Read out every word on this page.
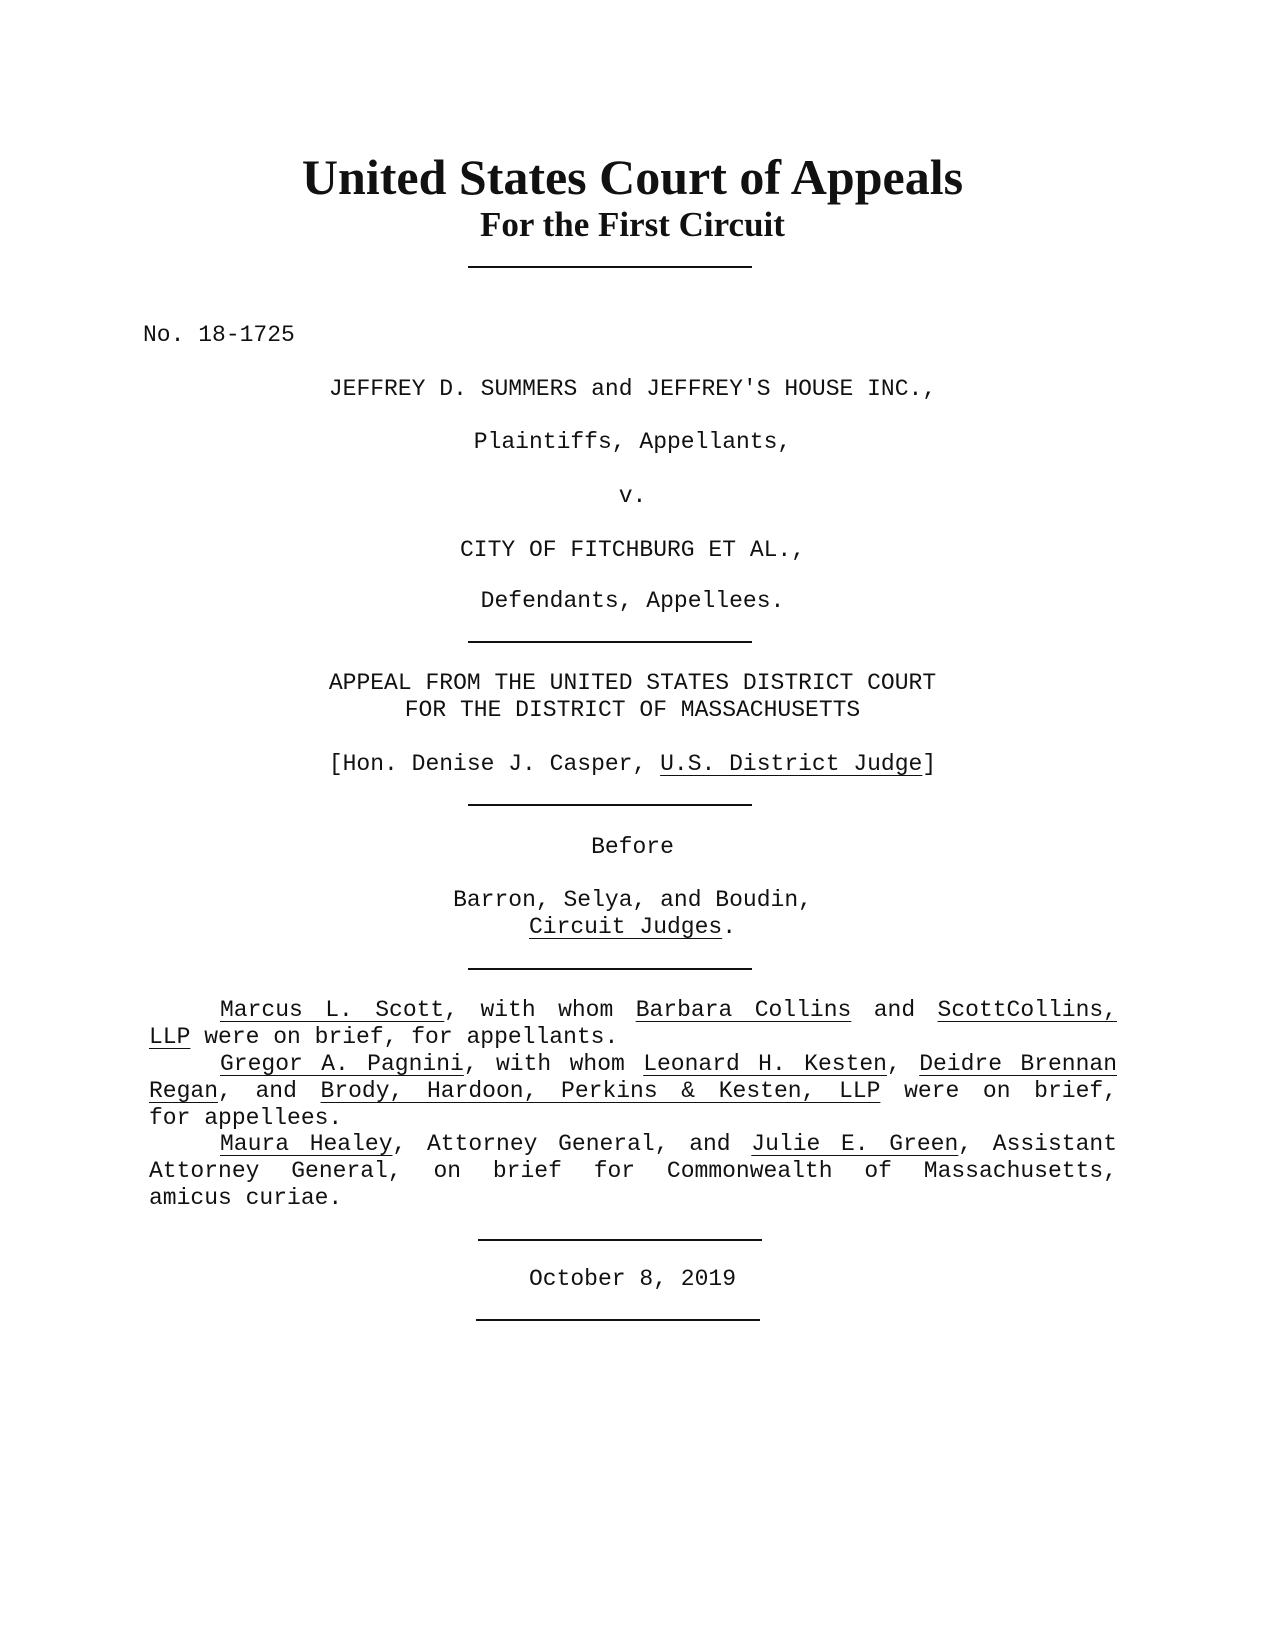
United States Court of Appeals
For the First Circuit
No. 18-1725
JEFFREY D. SUMMERS and JEFFREY'S HOUSE INC.,
Plaintiffs, Appellants,
v.
CITY OF FITCHBURG ET AL.,
Defendants, Appellees.
APPEAL FROM THE UNITED STATES DISTRICT COURT
FOR THE DISTRICT OF MASSACHUSETTS
[Hon. Denise J. Casper, U.S. District Judge]
Before
Barron, Selya, and Boudin,
Circuit Judges.
Marcus L. Scott, with whom Barbara Collins and ScottCollins,
LLP were on brief, for appellants.
Gregor A. Pagnini, with whom Leonard H. Kesten, Deidre Brennan
Regan, and Brody, Hardoon, Perkins & Kesten, LLP were on brief,
for appellees.
Maura Healey, Attorney General, and Julie E. Green, Assistant
Attorney General, on brief for Commonwealth of Massachusetts,
amicus curiae.
October 8, 2019
